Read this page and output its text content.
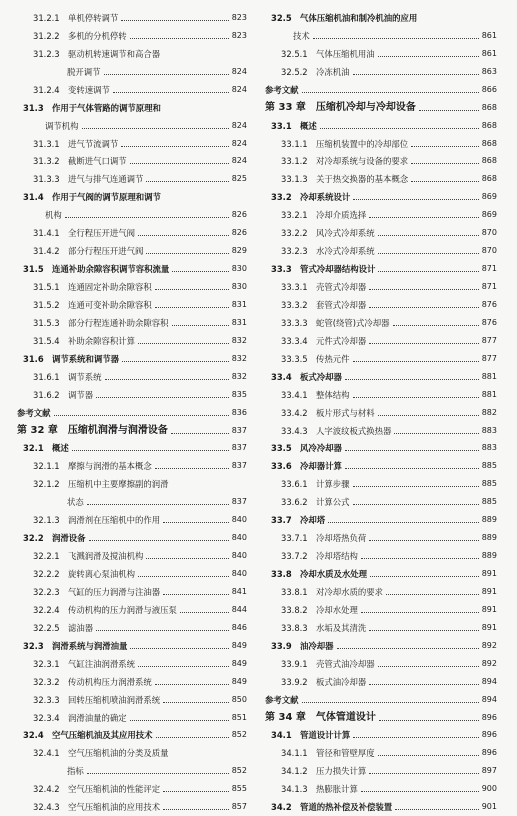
31.2.1　单机停转调节	823
31.2.2　多机的分机停转	823
31.2.3　驱动机转速调节和高合器
脱开调节	824
31.2.4　变转速调节	824
31.3　作用于气体管路的调节原理和
调节机构	824
31.3.1　进气节流调节	824
31.3.2　截断进气口调节	824
31.3.3　进气与排气连通调节	825
31.4　作用于气阀的调节原理和调节
机构	826
31.4.1　全行程压开进气阀	826
31.4.2　部分行程压开进气阀	829
31.5　连通补助余隙容积调节容积流量	830
31.5.1　连通固定补助余隙容积	830
31.5.2　连通可变补助余隙容积	831
31.5.3　部分行程连通补助余隙容积	831
31.5.4　补助余隙容积计算	832
31.6　调节系统和调节器	832
31.6.1　调节系统	832
31.6.2　调节器	835
参考文献	836
第 32 章　压缩机润滑与润滑设备	837
32.1　概述	837
32.1.1　摩擦与润滑的基本概念	837
32.1.2　压缩机中主要摩擦副的润滑
状态	837
32.1.3　润滑剂在压缩机中的作用	840
32.2　润滑设备	840
32.2.1　飞溅润滑及搅油机构	840
32.2.2　旋转离心泵油机构	840
32.2.3　气缸的压力润滑与注油器	841
32.2.4　传动机构的压力润滑与液压泵	844
32.2.5　滤油器	846
32.3　润滑系统与润滑油量	849
32.3.1　气缸注油润滑系统	849
32.3.2　传动机构压力润滑系统	849
32.3.3　回转压缩机喷油润滑系统	850
32.3.4　润滑油量的确定	851
32.4　空气压缩机油及其应用技术	852
32.4.1　空气压缩机油的分类及质量
指标	852
32.4.2　空气压缩机油的性能评定	855
32.4.3　空气压缩机油的应用技术	857
32.5　气体压缩机油和制冷机油的应用
技术	861
32.5.1　气体压缩机用油	861
32.5.2　冷冻机油	863
参考文献	866
第 33 章　压缩机冷却与冷却设备	868
33.1　概述	868
33.1.1　压缩机装置中的冷却部位	868
33.1.2　对冷却系统与设备的要求	868
33.1.3　关于热交换器的基本概念	868
33.2　冷却系统设计	869
33.2.1　冷却介质选择	869
33.2.2　风冷式冷却系统	870
33.2.3　水冷式冷却系统	870
33.3　管式冷却器结构设计	871
33.3.1　壳管式冷却器	871
33.3.2　套管式冷却器	876
33.3.3　蛇管(绕管)式冷却器	876
33.3.4　元件式冷却器	877
33.3.5　传热元件	877
33.4　板式冷却器	881
33.4.1　整体结构	881
33.4.2　板片形式与材料	882
33.4.3　人字波纹板式换热器	883
33.5　风冷冷却器	883
33.6　冷却器计算	885
33.6.1　计算步骤	885
33.6.2　计算公式	885
33.7　冷却塔	889
33.7.1　冷却塔热负荷	889
33.7.2　冷却塔结构	889
33.8　冷却水质及水处理	891
33.8.1　对冷却水质的要求	891
33.8.2　冷却水处理	891
33.8.3　水垢及其清洗	891
33.9　油冷却器	892
33.9.1　壳管式油冷却器	892
33.9.2　板式油冷却器	894
参考文献	894
第 34 章　气体管道设计	896
34.1　管道设计计算	896
34.1.1　管径和管壁厚度	896
34.1.2　压力损失计算	897
34.1.3　热膨胀计算	900
34.2　管道的热补偿及补偿装置	901
